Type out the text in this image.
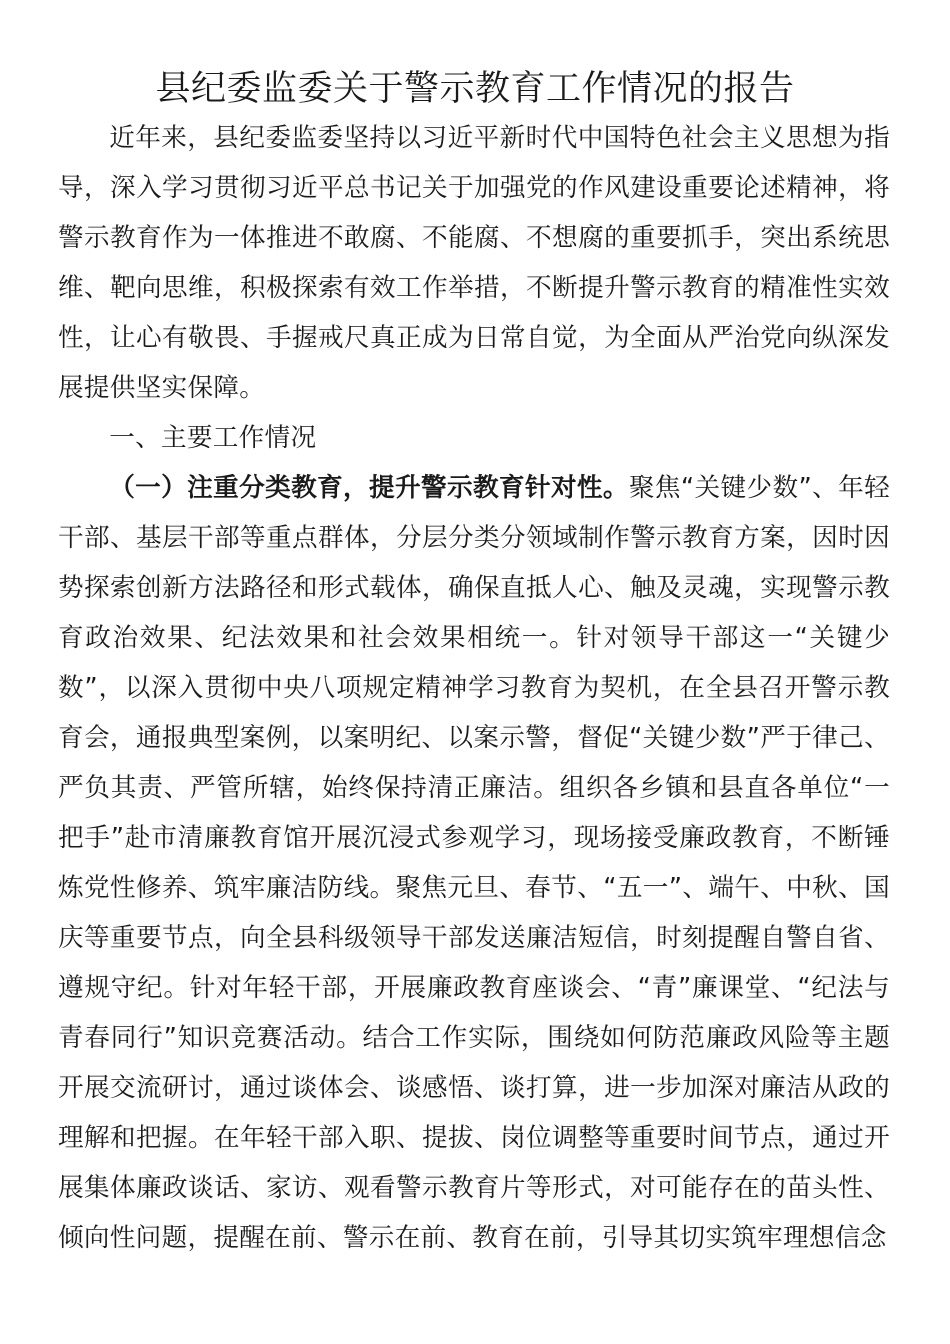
县纪委监委关于警示教育工作情况的报告

近年来，县纪委监委坚持以习近平新时代中国特色社会主义思想为指导，深入学习贯彻习近平总书记关于加强党的作风建设重要论述精神，将警示教育作为一体推进不敢腐、不能腐、不想腐的重要抓手，突出系统思维、靶向思维，积极探索有效工作举措，不断提升警示教育的精准性实效性，让心有敬畏、手握戒尺真正成为日常自觉，为全面从严治党向纵深发展提供坚实保障。

一、主要工作情况

（一）注重分类教育，提升警示教育针对性。聚焦“关键少数”、年轻干部、基层干部等重点群体，分层分类分领域制作警示教育方案，因时因势探索创新方法路径和形式载体，确保直抵人心、触及灵魂，实现警示教育政治效果、纪法效果和社会效果相统一。针对领导干部这一“关键少数”，以深入贯彻中央八项规定精神学习教育为契机，在全县召开警示教育会，通报典型案例，以案明纪、以案示警，督促“关键少数”严于律己、严负其责、严管所辖，始终保持清正廉洁。组织各乡镇和县直各单位“一把手”赴市清廉教育馆开展沉浸式参观学习，现场接受廉政教育，不断锤炼党性修养、筑牢廉洁防线。聚焦元旦、春节、“五一”、端午、中秋、国庆等重要节点，向全县科级领导干部发送廉洁短信，时刻提醒自警自省、遵规守纪。针对年轻干部，开展廉政教育座谈会、“青”廉课堂、“纪法与青春同行”知识竞赛活动。结合工作实际，围绕如何防范廉政风险等主题开展交流研讨，通过谈体会、谈感悟、谈打算，进一步加深对廉洁从政的理解和把握。在年轻干部入职、提拔、岗位调整等重要时间节点，通过开展集体廉政谈话、家访、观看警示教育片等形式，对可能存在的苗头性、倾向性问题，提醒在前、警示在前、教育在前，引导其切实筑牢理想信念
